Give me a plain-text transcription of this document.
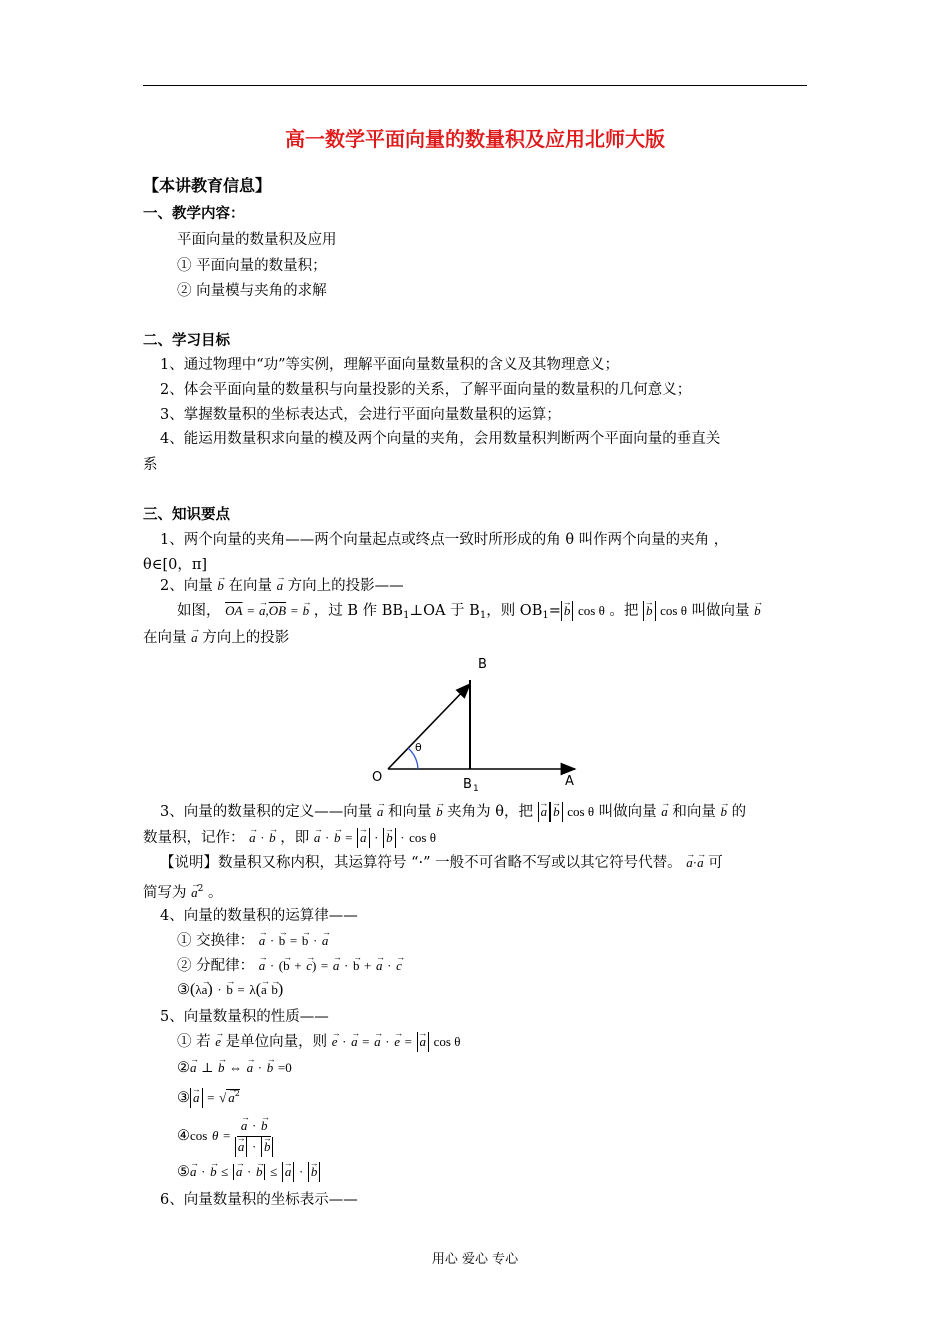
高一数学平面向量的数量积及应用北师大版
【本讲教育信息】
一、教学内容：
平面向量的数量积及应用
① 平面向量的数量积；
② 向量模与夹角的求解
二、学习目标
1、通过物理中“功”等实例，理解平面向量数量积的含义及其物理意义；
2、体会平面向量的数量积与向量投影的关系，了解平面向量的数量积的几何意义；
3、掌握数量积的坐标表达式，会进行平面向量数量积的运算；
4、能运用数量积求向量的模及两个向量的夹角，会用数量积判断两个平面向量的垂直关
系
三、知识要点
1、两个向量的夹角——两个向量起点或终点一致时所形成的角 θ 叫作两个向量的夹角 ，
θ∈[0，π]
2、向量 → b 在向量 → a 方向上的投影——
如图， OA = → a,OB = → b ，过 B 作 $BB_1\perp OA$ 于 $B_1$，则 $OB_1= \to b$ cos θ 。把 → b cos θ 叫做向量 → b
在向量 → a 方向上的投影
θ
B
O	A
B 1
3、向量的数量积的定义——向量 → a 和向量 → b 夹角为 θ，把 → a → b cos θ 叫做向量 → a 和向量 → b 的
数量积，记作： → a · → b ，即 → a · → b = → a · → b · cos θ
【说明】数量积又称内积，其运算符号 “·” 一般不可省略不写或以其它符号代替。 → a·→ a 可
简写为 → $a^2$ 。
4、向量的数量积的运算律——
① 交换律： → a · → b = → b · → a
② 分配律： → a · (→ b + → c) = → a · → b + → a · → c
③(λ→ a) · → b = λ(→ a → b)
5、向量数量积的性质——
① 若 → e 是单位向量，则 → e · → a = → a · → e = → a cos θ
②→ a ⊥ → b ⇔ → a · → b =0
③ → a = √ → $a^2$
④cos θ = → a · → b
→ a · → b
⑤→ a · → b ≤ → a · → b ≤ → a · → b
6、向量数量积的坐标表示——
用心 爱心 专心
